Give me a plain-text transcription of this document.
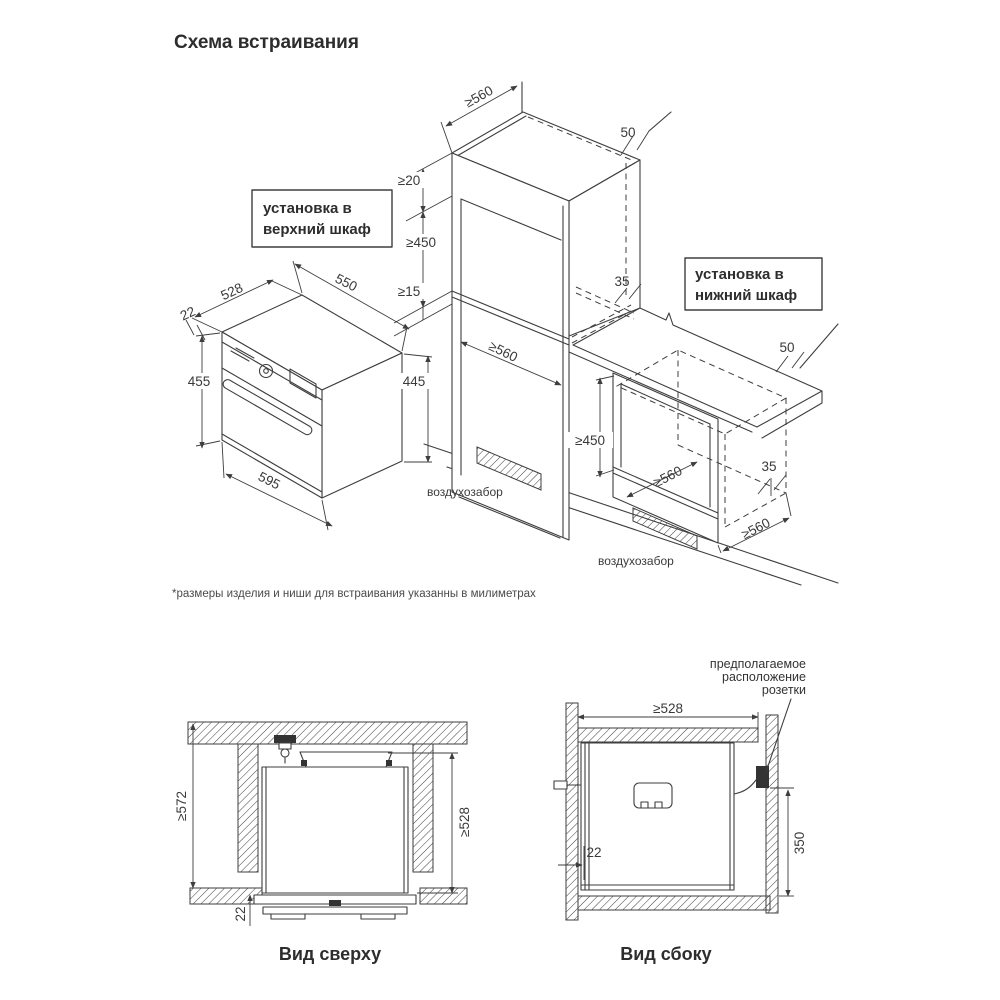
Схема встраивания
*размеры изделия и ниши для встраивания указанны в милиметрах
≥560
50
≥20
≥450
≥15
≥560
35
≥450
≥560
≥560
35
50
550
528
22
455	445
595
установка в
верхний шкаф
установка в
нижний шкаф
воздухозабор
воздухозабор
≥572
≥528
22
Вид сверху
≥528
22	350
предполагаемое
расположение
розетки
Вид сбоку
